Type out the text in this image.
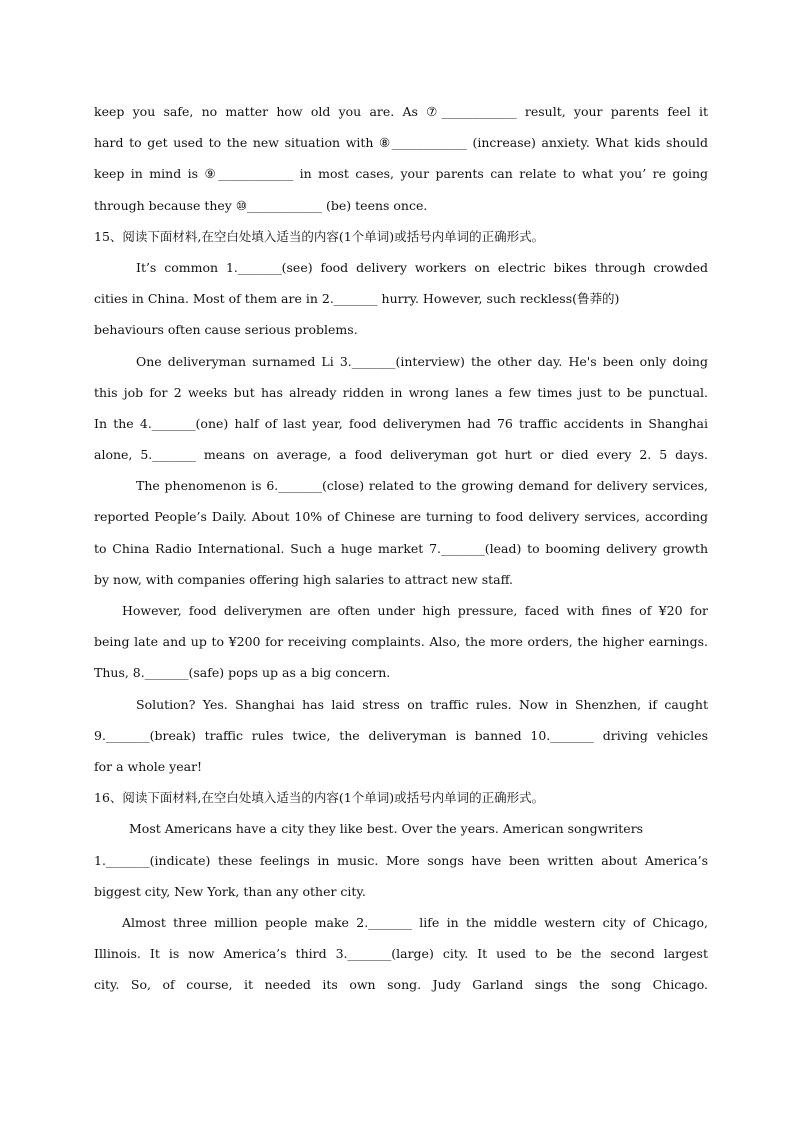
keep you safe, no matter how old you are. As ⑦____________ result, your parents feel it
hard to get used to the new situation with ⑧____________ (increase) anxiety. What kids should
keep in mind is ⑨____________ in most cases, your parents can relate to what you’ re going
through because they ⑩____________ (be) teens once.
15、阅读下面材料,在空白处填入适当的内容(1个单词)或括号内单词的正确形式。
It’s common 1._______(see) food delivery workers on electric bikes through crowded
cities in China. Most of them are in 2._______ hurry. However, such reckless(鲁莽的)
behaviours often cause serious problems.
One deliveryman surnamed Li 3._______(interview) the other day. He's been only doing
this job for 2 weeks but has already ridden in wrong lanes a few times just to be punctual.
In the 4._______(one) half of last year, food deliverymen had 76 traffic accidents in Shanghai
alone, 5._______ means on average, a food deliveryman got hurt or died every 2. 5 days.
The phenomenon is 6._______(close) related to the growing demand for delivery services,
reported People’s Daily. About 10% of Chinese are turning to food delivery services, according
to China Radio International. Such a huge market 7._______(lead) to booming delivery growth
by now, with companies offering high salaries to attract new staff.
However, food deliverymen are often under high pressure, faced with fines of ¥20 for
being late and up to ¥200 for receiving complaints. Also, the more orders, the higher earnings.
Thus, 8._______(safe) pops up as a big concern.
Solution? Yes. Shanghai has laid stress on traffic rules. Now in Shenzhen, if caught
9._______(break) traffic rules twice, the deliveryman is banned 10._______ driving vehicles
for a whole year!
16、阅读下面材料,在空白处填入适当的内容(1个单词)或括号内单词的正确形式。
Most Americans have a city they like best. Over the years. American songwriters
1._______(indicate) these feelings in music. More songs have been written about America’s
biggest city, New York, than any other city.
Almost three million people make 2._______ life in the middle western city of Chicago,
Illinois. It is now America’s third 3._______(large) city. It used to be the second largest
city. So, of course, it needed its own song. Judy Garland sings the song Chicago.
